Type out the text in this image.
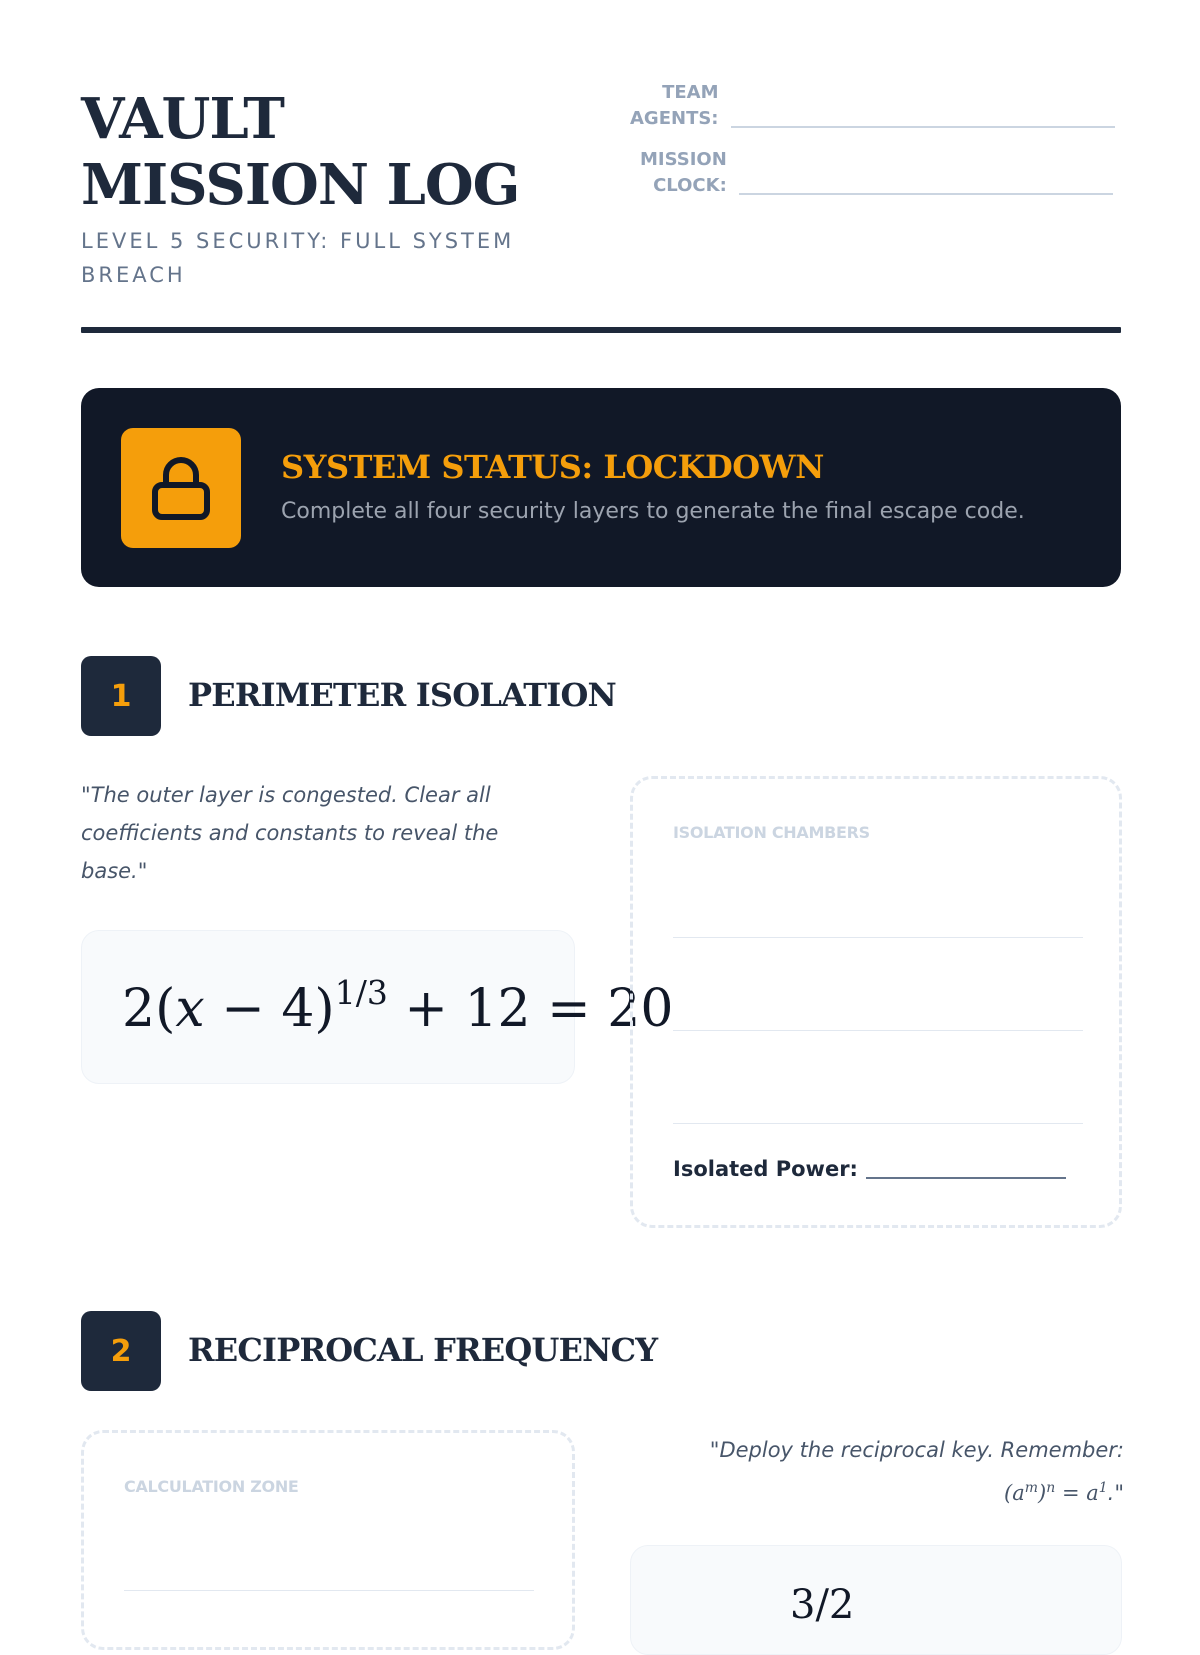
VAULT MISSION LOG
LEVEL 5 SECURITY: FULL SYSTEM BREACH
TEAM
AGENTS:
MISSION
CLOCK:
SYSTEM STATUS: LOCKDOWN
Complete all four security layers to generate the final escape code.
1	PERIMETER ISOLATION
"The outer layer is congested. Clear all coefficients and constants to reveal the base."
$2(x - 4)^{1/3} + 12 = 20$
ISOLATION CHAMBERS
Isolated Power:
2	RECIPROCAL FREQUENCY
CALCULATION ZONE
"Deploy the reciprocal key. Remember:
$(a^m)^n = a^1$."
3/2
